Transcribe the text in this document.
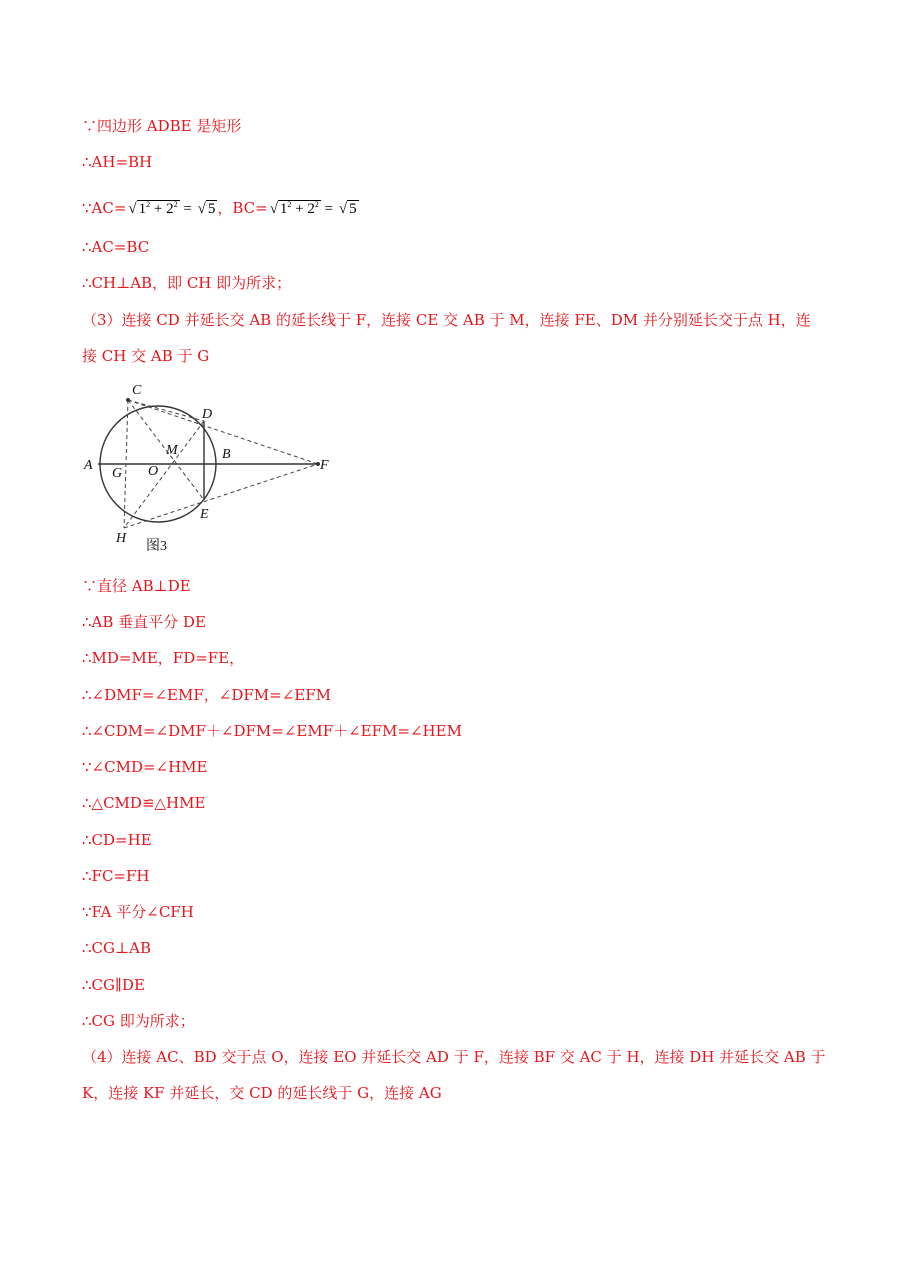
∵四边形 ADBE 是矩形

∴AH=BH

∵AC= √ $1^2 + 2^2$ = √ 5 ，BC= √ $1^2 + 2^2$ = √ 5

∴AC=BC

∴CH⊥AB，即 CH 即为所求；

（3）连接 CD 并延长交 AB 的延长线于 F，连接 CE 交 AB 于 M，连接 FE、DM 并分别延长交于点 H，连

接 CH 交 AB 于 G

A
G O
M	B
F
C
D
E
H
图3

∵直径 AB⊥DE

∴AB 垂直平分 DE

∴MD=ME，FD=FE，

∴∠DMF=∠EMF，∠DFM=∠EFM

∴∠CDM=∠DMF＋∠DFM=∠EMF＋∠EFM=∠HEM

∵∠CMD=∠HME

∴△CMD≌△HME

∴CD=HE

∴FC=FH

∵FA 平分∠CFH

∴CG⊥AB

∴CG∥DE

∴CG 即为所求；

（4）连接 AC、BD 交于点 O，连接 EO 并延长交 AD 于 F，连接 BF 交 AC 于 H，连接 DH 并延长交 AB 于

K，连接 KF 并延长，交 CD 的延长线于 G，连接 AG
